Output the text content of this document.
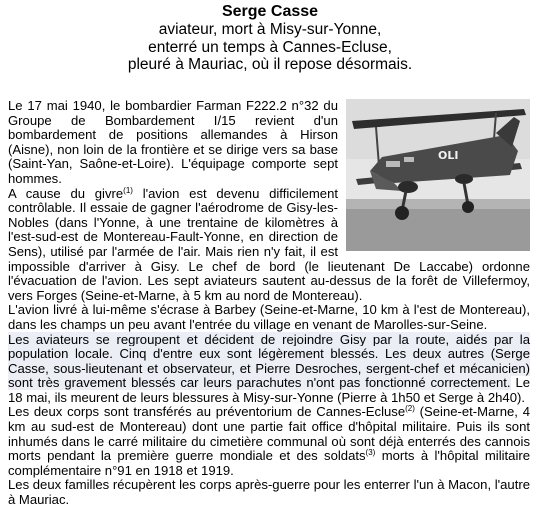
Serge Casse
aviateur, mort à Misy-sur-Yonne,
enterré un temps à Cannes-Ecluse,
pleuré à Mauriac, où il repose désormais.
OLI

Le 17 mai 1940, le bombardier Farman F222.2 n°32 du Groupe de Bombardement I/15 revient d'un bombardement de positions allemandes à Hirson (Aisne), non loin de la frontière et se dirige vers sa base (Saint-Yan, Saône-et-Loire). L'équipage comporte sept hommes.

A cause du givre$^{(1)}$ l'avion est devenu difficilement contrôlable. Il essaie de gagner l'aérodrome de Gisy-les-Nobles (dans l'Yonne, à une trentaine de kilomètres à l'est-sud-est de Montereau-Fault-Yonne, en direction de Sens), utilisé par l'armée de l'air. Mais rien n'y fait, il est impossible d'arriver à Gisy. Le chef de bord (le lieutenant De Laccabe) ordonne l'évacuation de l'avion. Les sept aviateurs sautent au-dessus de la forêt de Villefermoy, vers Forges (Seine-et-Marne, à 5 km au nord de Montereau).

L'avion livré à lui-même s'écrase à Barbey (Seine-et-Marne, 10 km à l'est de Montereau), dans les champs un peu avant l'entrée du village en venant de Marolles-sur-Seine.

Les aviateurs se regroupent et décident de rejoindre Gisy par la route, aidés par la population locale. Cinq d'entre eux sont légèrement blessés. Les deux autres (Serge Casse, sous-lieutenant et observateur, et Pierre Desroches, sergent-chef et mécanicien) sont très gravement blessés car leurs parachutes n'ont pas fonctionné correctement. Le 18 mai, ils meurent de leurs blessures à Misy-sur-Yonne (Pierre à 1h50 et Serge à 2h40).

Les deux corps sont transférés au préventorium de Cannes-Ecluse$^{(2)}$ (Seine-et-Marne, 4 km au sud-est de Montereau) dont une partie fait office d'hôpital militaire. Puis ils sont inhumés dans le carré militaire du cimetière communal où sont déjà enterrés des cannois morts pendant la première guerre mondiale et des soldats$^{(3)}$ morts à l'hôpital militaire complémentaire n°91 en 1918 et 1919.

Les deux familles récupèrent les corps après-guerre pour les enterrer l'un à Macon, l'autre à Mauriac.
